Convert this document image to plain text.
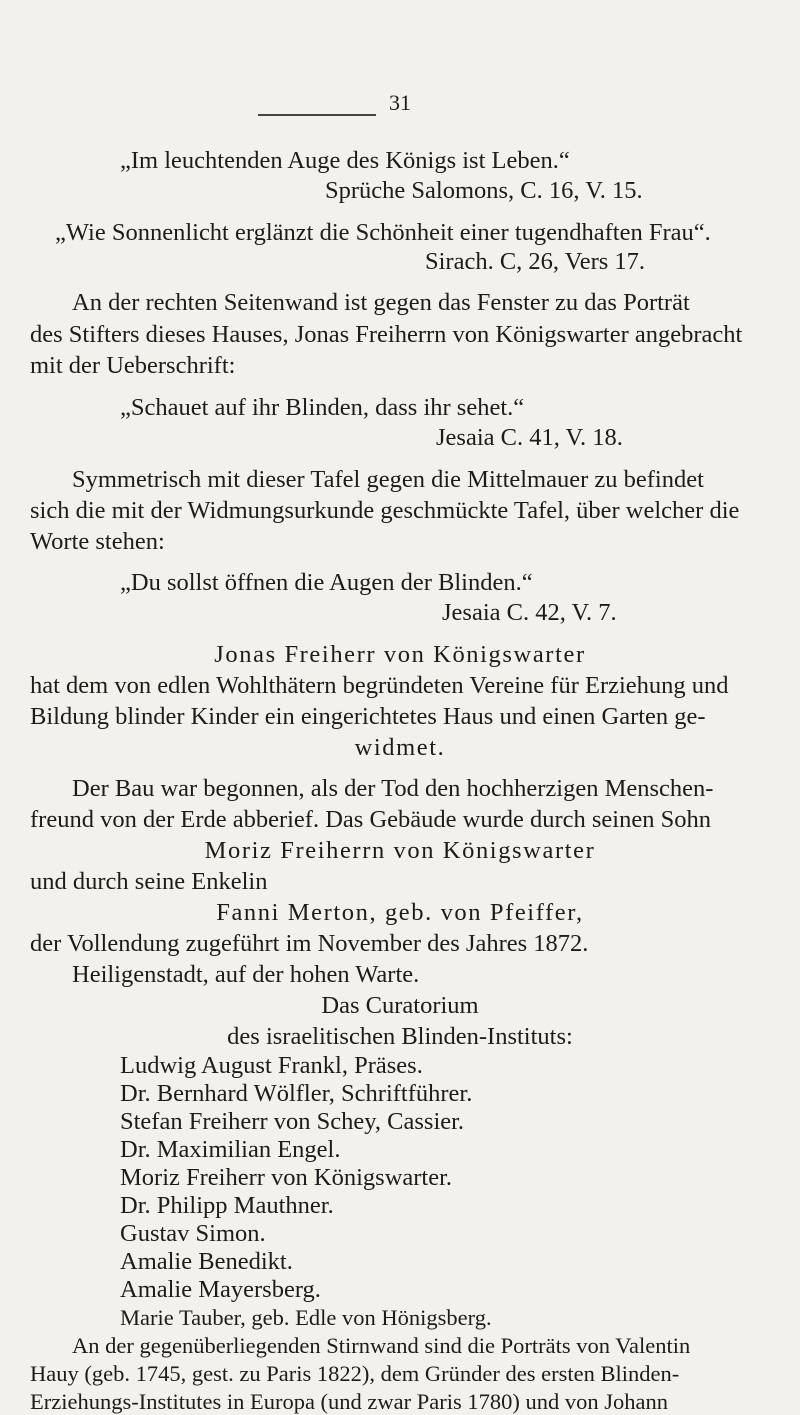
31
„Im leuchtenden Auge des Königs ist Leben.“
Sprüche Salomons, C. 16, V. 15.
„Wie Sonnenlicht erglänzt die Schönheit einer tugendhaften Frau“.
Sirach. C, 26, Vers 17.
An der rechten Seitenwand ist gegen das Fenster zu das Porträt
des Stifters dieses Hauses, Jonas Freiherrn von Königswarter angebracht
mit der Ueberschrift:
„Schauet auf ihr Blinden, dass ihr sehet.“
Jesaia C. 41, V. 18.
Symmetrisch mit dieser Tafel gegen die Mittelmauer zu befindet
sich die mit der Widmungsurkunde geschmückte Tafel, über welcher die
Worte stehen:
„Du sollst öffnen die Augen der Blinden.“
Jesaia C. 42, V. 7.
Jonas Freiherr von Königswarter
hat dem von edlen Wohlthätern begründeten Vereine für Erziehung und
Bildung blinder Kinder ein eingerichtetes Haus und einen Garten ge-
widmet.
Der Bau war begonnen, als der Tod den hochherzigen Menschen-
freund von der Erde abberief. Das Gebäude wurde durch seinen Sohn
Moriz Freiherrn von Königswarter
und durch seine Enkelin
Fanni Merton, geb. von Pfeiffer,
der Vollendung zugeführt im November des Jahres 1872.
Heiligenstadt, auf der hohen Warte.
Das Curatorium
des israelitischen Blinden-Instituts:
Ludwig August Frankl, Präses.
Dr. Bernhard Wölfler, Schriftführer.
Stefan Freiherr von Schey, Cassier.
Dr. Maximilian Engel.
Moriz Freiherr von Königswarter.
Dr. Philipp Mauthner.
Gustav Simon.
Amalie Benedikt.
Amalie Mayersberg.
Marie Tauber, geb. Edle von Hönigsberg.
An der gegenüberliegenden Stirnwand sind die Porträts von Valentin
Hauy (geb. 1745, gest. zu Paris 1822), dem Gründer des ersten Blinden-
Erziehungs-Institutes in Europa (und zwar Paris 1780) und von Johann
